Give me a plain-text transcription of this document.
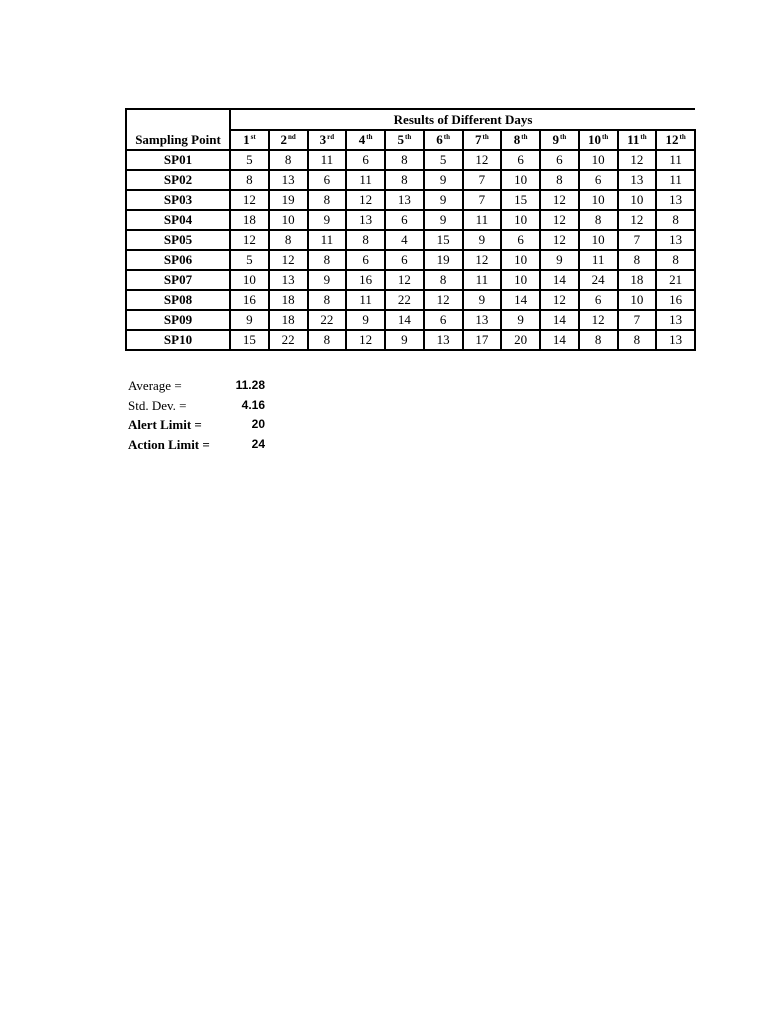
	Results of Different Days											
Sampling Point	1st	2nd	3rd	4th	5th	6th	7th	8th	9th	10th	11th	12th
SP01	5	8	11	6	8	5	12	6	6	10	12	11
SP02	8	13	6	11	8	9	7	10	8	6	13	11
SP03	12	19	8	12	13	9	7	15	12	10	10	13
SP04	18	10	9	13	6	9	11	10	12	8	12	8
SP05	12	8	11	8	4	15	9	6	12	10	7	13
SP06	5	12	8	6	6	19	12	10	9	11	8	8
SP07	10	13	9	16	12	8	11	10	14	24	18	21
SP08	16	18	8	11	22	12	9	14	12	6	10	16
SP09	9	18	22	9	14	6	13	9	14	12	7	13
SP10	15	22	8	12	9	13	17	20	14	8	8	13
Average =	11.28
Std. Dev. =	4.16
Alert Limit =	20
Action Limit =	24
